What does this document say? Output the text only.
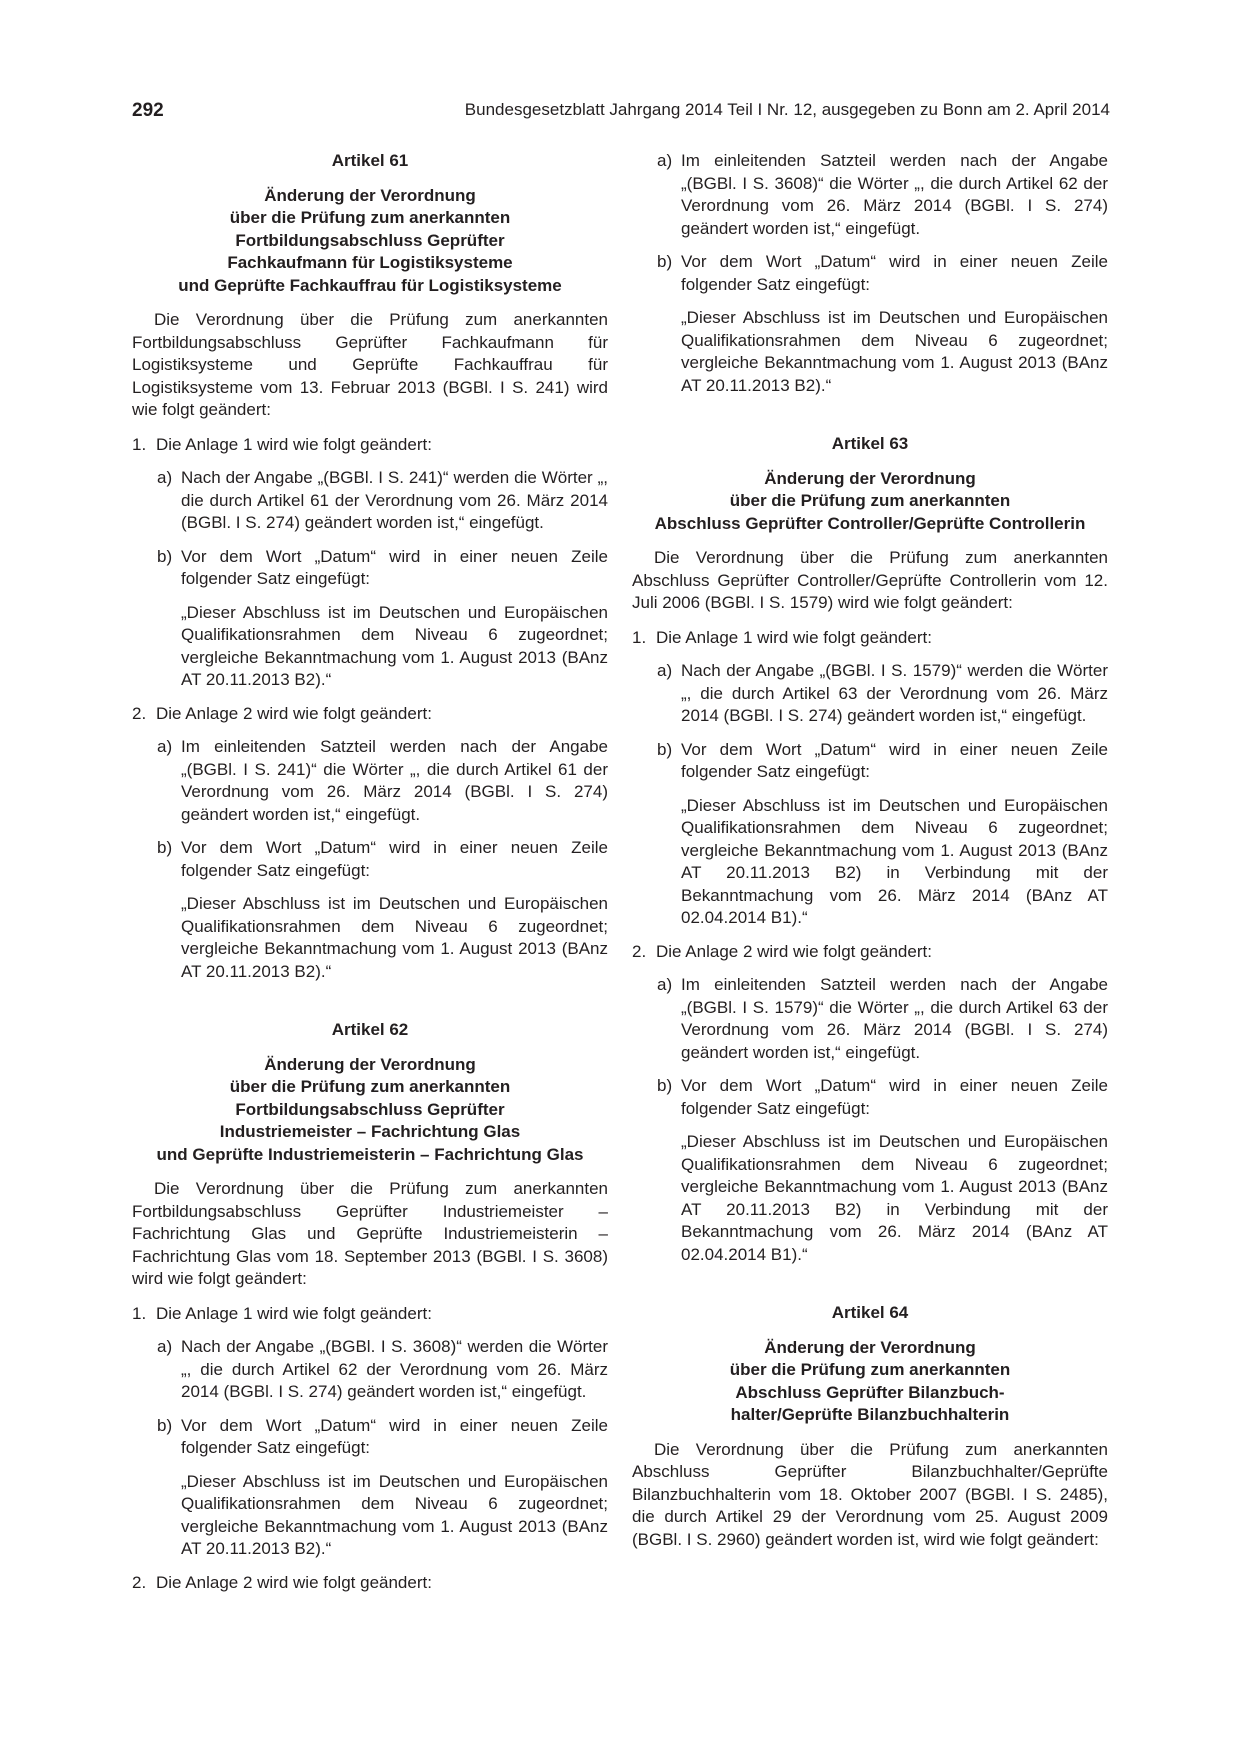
292	Bundesgesetzblatt Jahrgang 2014 Teil I Nr. 12, ausgegeben zu Bonn am 2. April 2014
Artikel 61
Änderung der Verordnung
über die Prüfung zum anerkannten
Fortbildungsabschluss Geprüfter
Fachkaufmann für Logistiksysteme
und Geprüfte Fachkauffrau für Logistiksysteme

Die Verordnung über die Prüfung zum anerkannten Fortbildungsabschluss Geprüfter Fachkaufmann für Logistiksysteme und Geprüfte Fachkauffrau für Logistiksysteme vom 13. Februar 2013 (BGBl. I S. 241) wird wie folgt geändert:

1. Die Anlage 1 wird wie folgt geändert:
a) Nach der Angabe „(BGBl. I S. 241)“ werden die Wörter „, die durch Artikel 61 der Verordnung vom 26. März 2014 (BGBl. I S. 274) geändert worden ist,“ eingefügt.
b) Vor dem Wort „Datum“ wird in einer neuen Zeile folgender Satz eingefügt:
„Dieser Abschluss ist im Deutschen und Europäischen Qualifikationsrahmen dem Niveau 6 zugeordnet; vergleiche Bekanntmachung vom 1. August 2013 (BAnz AT 20.11.2013 B2).“
2. Die Anlage 2 wird wie folgt geändert:
a) Im einleitenden Satzteil werden nach der Angabe „(BGBl. I S. 241)“ die Wörter „, die durch Artikel 61 der Verordnung vom 26. März 2014 (BGBl. I S. 274) geändert worden ist,“ eingefügt.
b) Vor dem Wort „Datum“ wird in einer neuen Zeile folgender Satz eingefügt:
„Dieser Abschluss ist im Deutschen und Europäischen Qualifikationsrahmen dem Niveau 6 zugeordnet; vergleiche Bekanntmachung vom 1. August 2013 (BAnz AT 20.11.2013 B2).“
Artikel 62
Änderung der Verordnung
über die Prüfung zum anerkannten
Fortbildungsabschluss Geprüfter
Industriemeister – Fachrichtung Glas
und Geprüfte Industriemeisterin – Fachrichtung Glas

Die Verordnung über die Prüfung zum anerkannten Fortbildungsabschluss Geprüfter Industriemeister – Fachrichtung Glas und Geprüfte Industriemeisterin – Fachrichtung Glas vom 18. September 2013 (BGBl. I S. 3608) wird wie folgt geändert:

1. Die Anlage 1 wird wie folgt geändert:
a) Nach der Angabe „(BGBl. I S. 3608)“ werden die Wörter „, die durch Artikel 62 der Verordnung vom 26. März 2014 (BGBl. I S. 274) geändert worden ist,“ eingefügt.
b) Vor dem Wort „Datum“ wird in einer neuen Zeile folgender Satz eingefügt:
„Dieser Abschluss ist im Deutschen und Europäischen Qualifikationsrahmen dem Niveau 6 zugeordnet; vergleiche Bekanntmachung vom 1. August 2013 (BAnz AT 20.11.2013 B2).“
2. Die Anlage 2 wird wie folgt geändert:
a) Im einleitenden Satzteil werden nach der Angabe „(BGBl. I S. 3608)“ die Wörter „, die durch Artikel 62 der Verordnung vom 26. März 2014 (BGBl. I S. 274) geändert worden ist,“ eingefügt.
b) Vor dem Wort „Datum“ wird in einer neuen Zeile folgender Satz eingefügt:
„Dieser Abschluss ist im Deutschen und Europäischen Qualifikationsrahmen dem Niveau 6 zugeordnet; vergleiche Bekanntmachung vom 1. August 2013 (BAnz AT 20.11.2013 B2).“
Artikel 63
Änderung der Verordnung
über die Prüfung zum anerkannten
Abschluss Geprüfter Controller/Geprüfte Controllerin

Die Verordnung über die Prüfung zum anerkannten Abschluss Geprüfter Controller/Geprüfte Controllerin vom 12. Juli 2006 (BGBl. I S. 1579) wird wie folgt geändert:

1. Die Anlage 1 wird wie folgt geändert:
a) Nach der Angabe „(BGBl. I S. 1579)“ werden die Wörter „, die durch Artikel 63 der Verordnung vom 26. März 2014 (BGBl. I S. 274) geändert worden ist,“ eingefügt.
b) Vor dem Wort „Datum“ wird in einer neuen Zeile folgender Satz eingefügt:
„Dieser Abschluss ist im Deutschen und Europäischen Qualifikationsrahmen dem Niveau 6 zugeordnet; vergleiche Bekanntmachung vom 1. August 2013 (BAnz AT 20.11.2013 B2) in Verbindung mit der Bekanntmachung vom 26. März 2014 (BAnz AT 02.04.2014 B1).“
2. Die Anlage 2 wird wie folgt geändert:
a) Im einleitenden Satzteil werden nach der Angabe „(BGBl. I S. 1579)“ die Wörter „, die durch Artikel 63 der Verordnung vom 26. März 2014 (BGBl. I S. 274) geändert worden ist,“ eingefügt.
b) Vor dem Wort „Datum“ wird in einer neuen Zeile folgender Satz eingefügt:
„Dieser Abschluss ist im Deutschen und Europäischen Qualifikationsrahmen dem Niveau 6 zugeordnet; vergleiche Bekanntmachung vom 1. August 2013 (BAnz AT 20.11.2013 B2) in Verbindung mit der Bekanntmachung vom 26. März 2014 (BAnz AT 02.04.2014 B1).“
Artikel 64
Änderung der Verordnung
über die Prüfung zum anerkannten
Abschluss Geprüfter Bilanzbuch-
halter/Geprüfte Bilanzbuchhalterin

Die Verordnung über die Prüfung zum anerkannten Abschluss Geprüfter Bilanzbuchhalter/Geprüfte Bilanzbuchhalterin vom 18. Oktober 2007 (BGBl. I S. 2485), die durch Artikel 29 der Verordnung vom 25. August 2009 (BGBl. I S. 2960) geändert worden ist, wird wie folgt geändert:
